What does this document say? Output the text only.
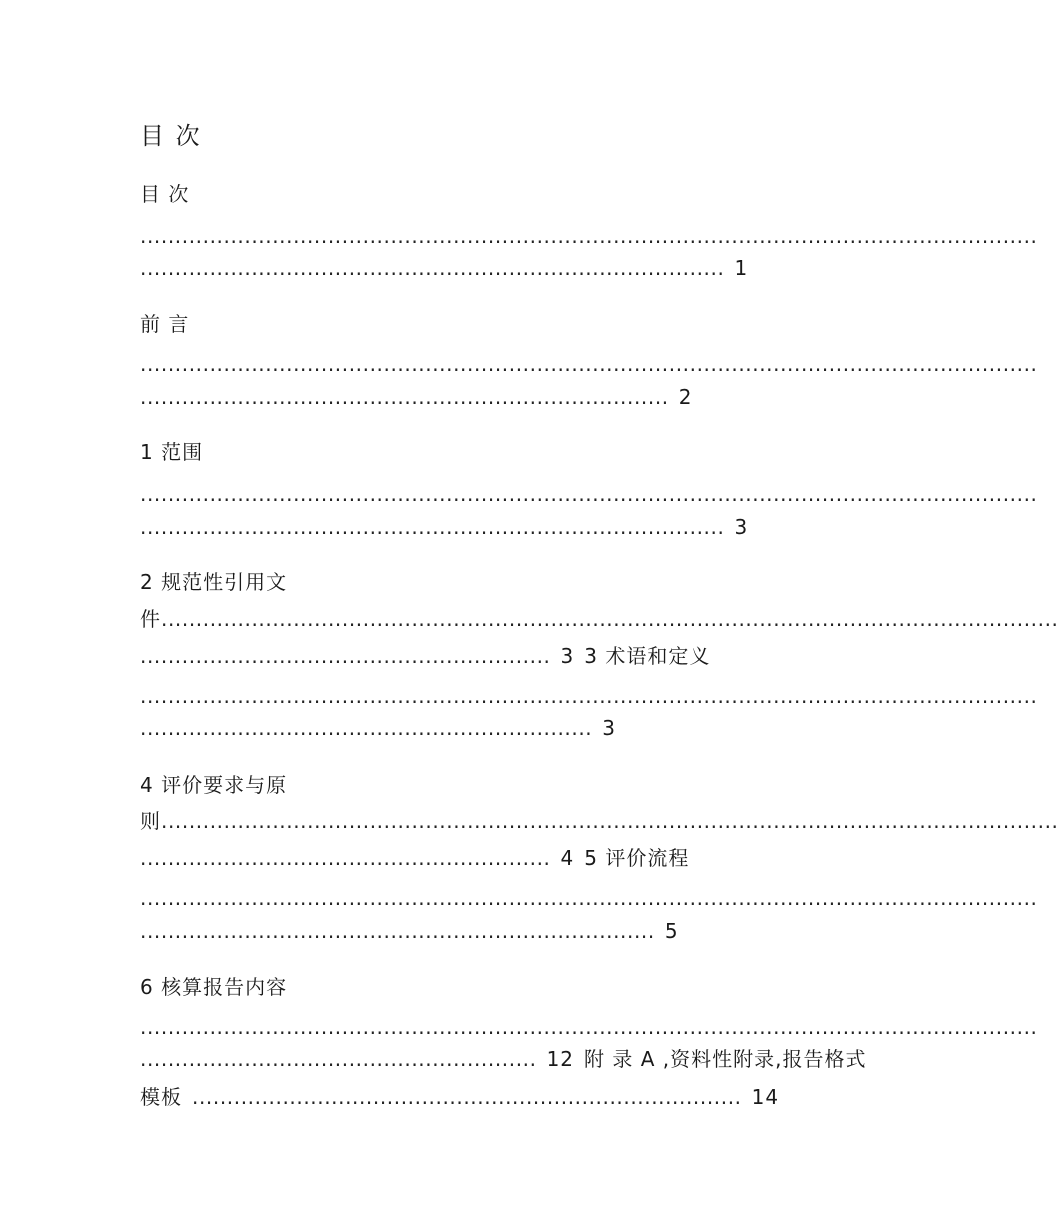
目 次
目 次
.................................................................................................................................
.................................................................................... 1
前 言
.................................................................................................................................
............................................................................ 2
1 范围
.................................................................................................................................
.................................................................................... 3
2 规范性引用文
件.................................................................................................................................
........................................................... 3 3 术语和定义
.................................................................................................................................
................................................................. 3
4 评价要求与原
则.................................................................................................................................
........................................................... 4 5 评价流程
.................................................................................................................................
.......................................................................... 5
6 核算报告内容
.................................................................................................................................
......................................................... 12 附 录 A ,资料性附录,报告格式
模板 ............................................................................... 14
